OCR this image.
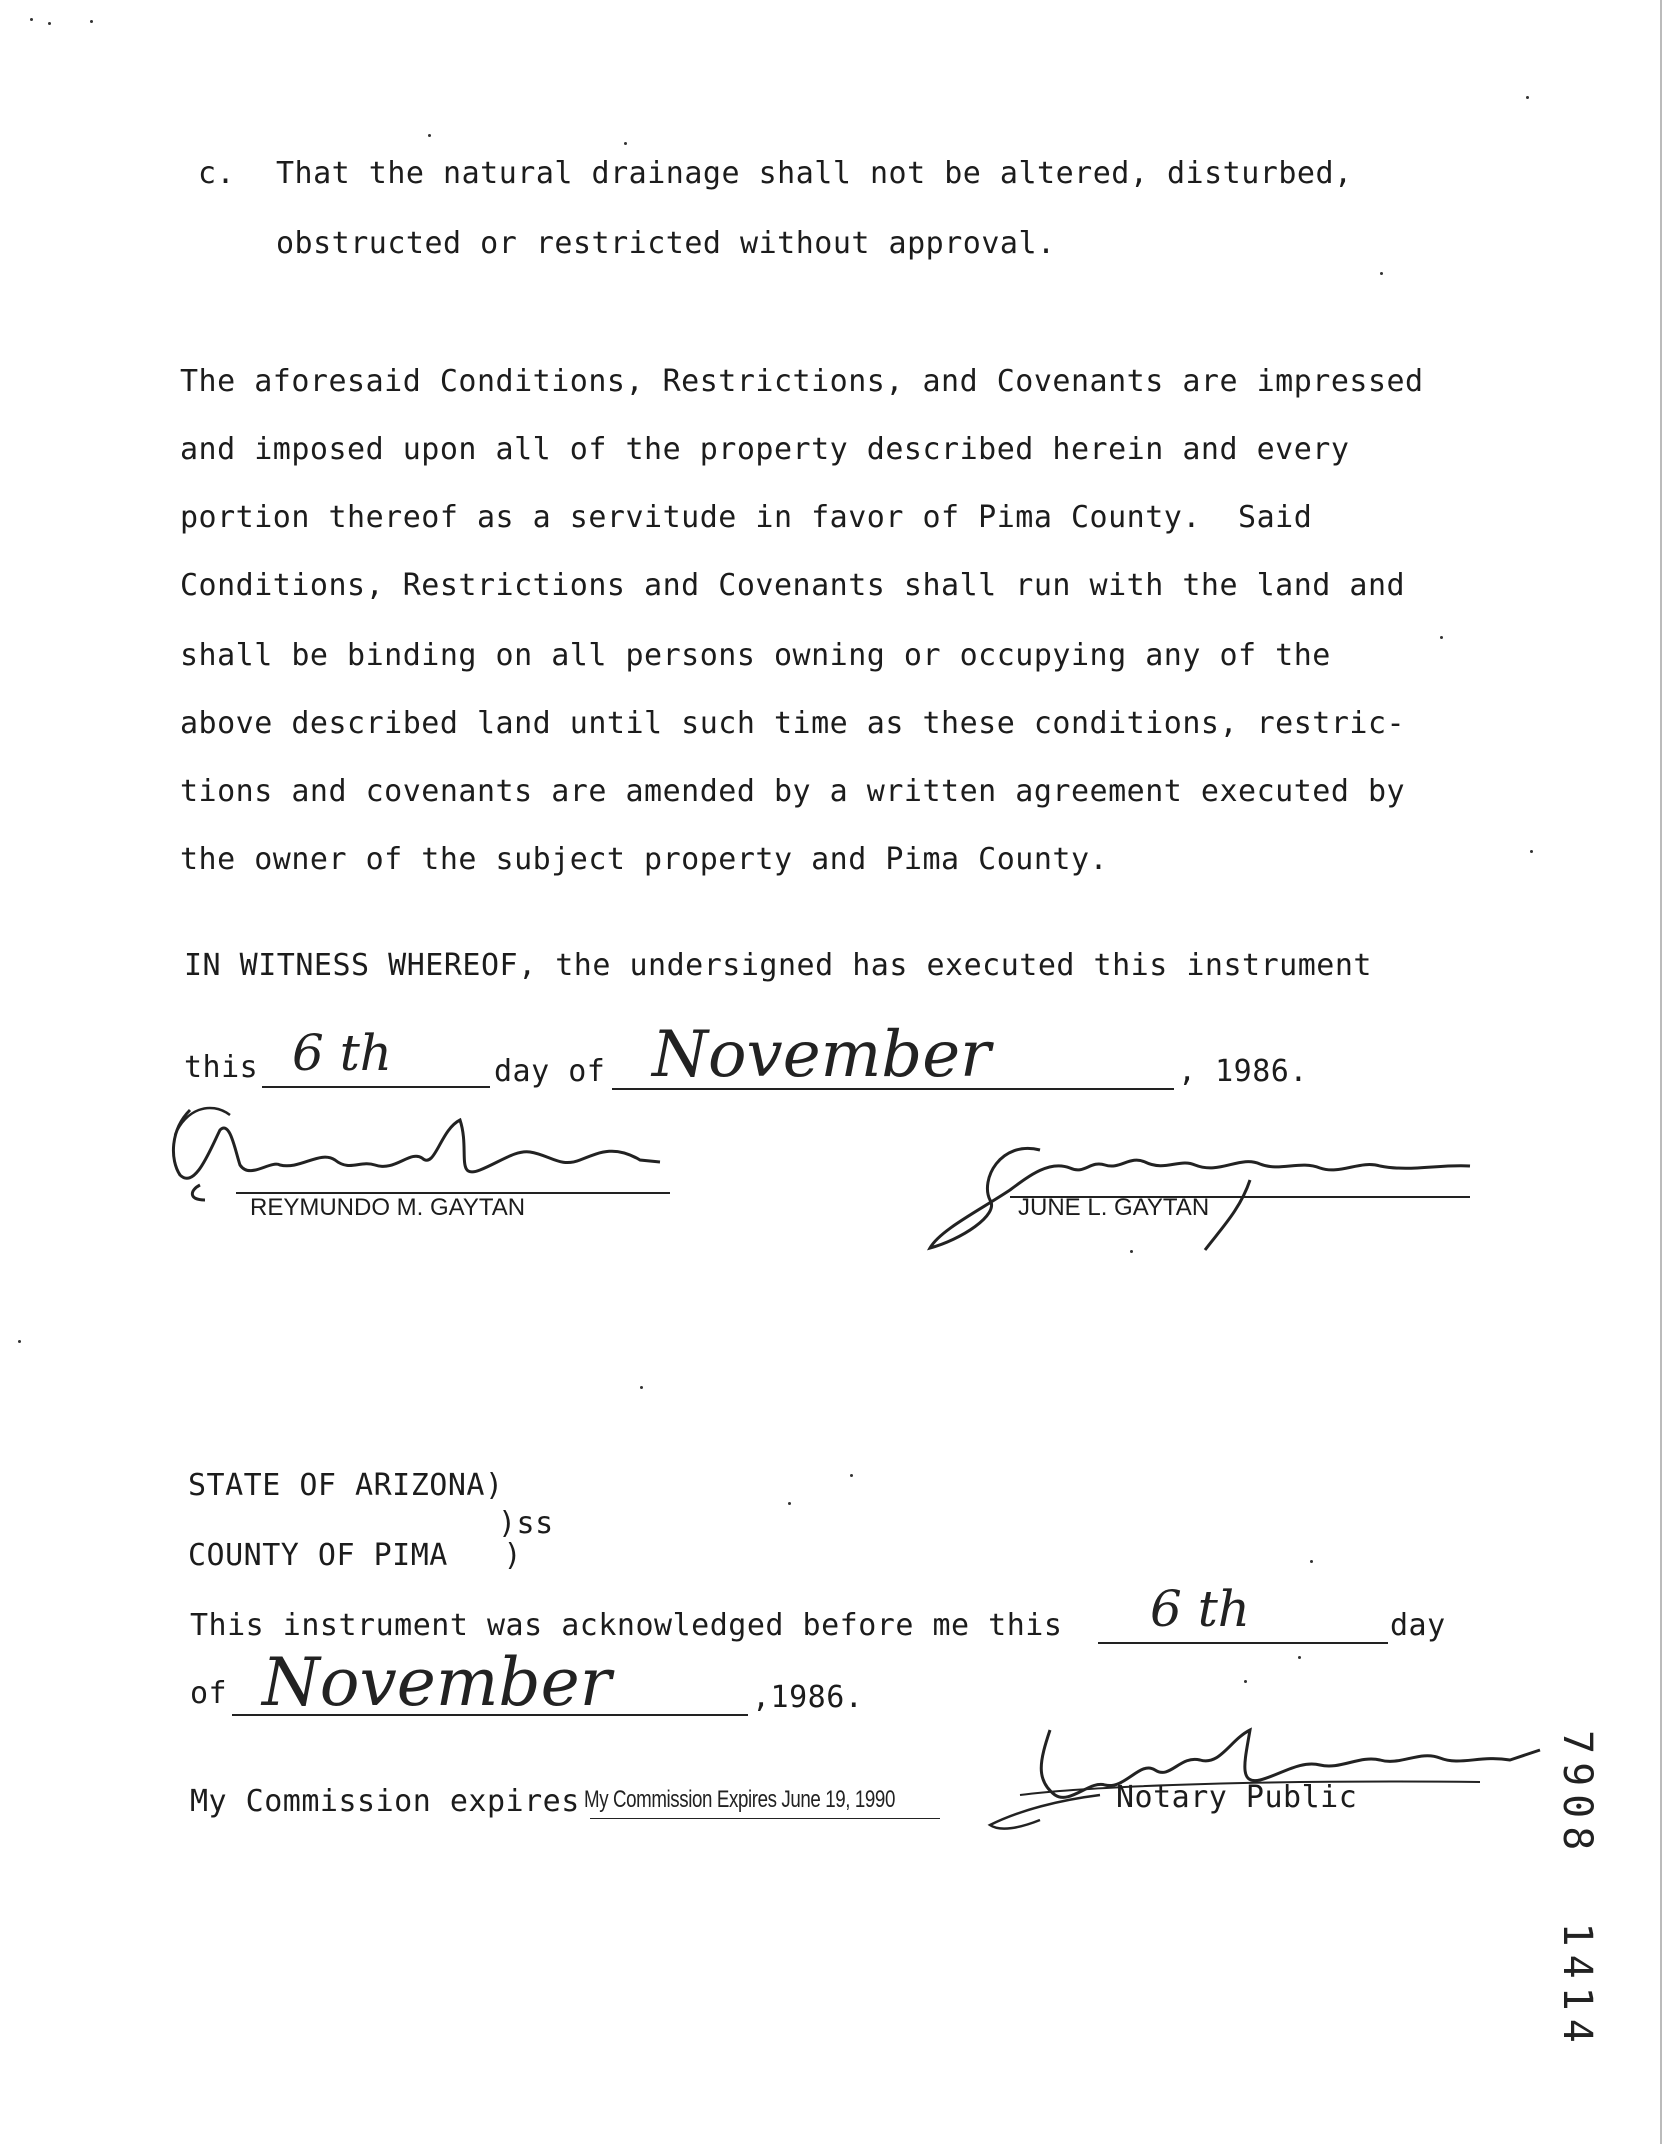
c. That the natural drainage shall not be altered, disturbed,
obstructed or restricted without approval.
The aforesaid Conditions, Restrictions, and Covenants are impressed
and imposed upon all of the property described herein and every
portion thereof as a servitude in favor of Pima County.  Said
Conditions, Restrictions and Covenants shall run with the land and
shall be binding on all persons owning or occupying any of the
above described land until such time as these conditions, restric-
tions and covenants are amended by a written agreement executed by
the owner of the subject property and Pima County.
IN WITNESS WHEREOF, the undersigned has executed this instrument
this 6 th	day of November	, 1986.
REYMUNDO M. GAYTAN	JUNE L. GAYTAN
STATE OF ARIZONA)
)ss
COUNTY OF PIMA   )
This instrument was acknowledged before me this 6 th	day
of November	,1986.
My Commission expires My Commission Expires June 19, 1990	Notary Public	7908  1414
